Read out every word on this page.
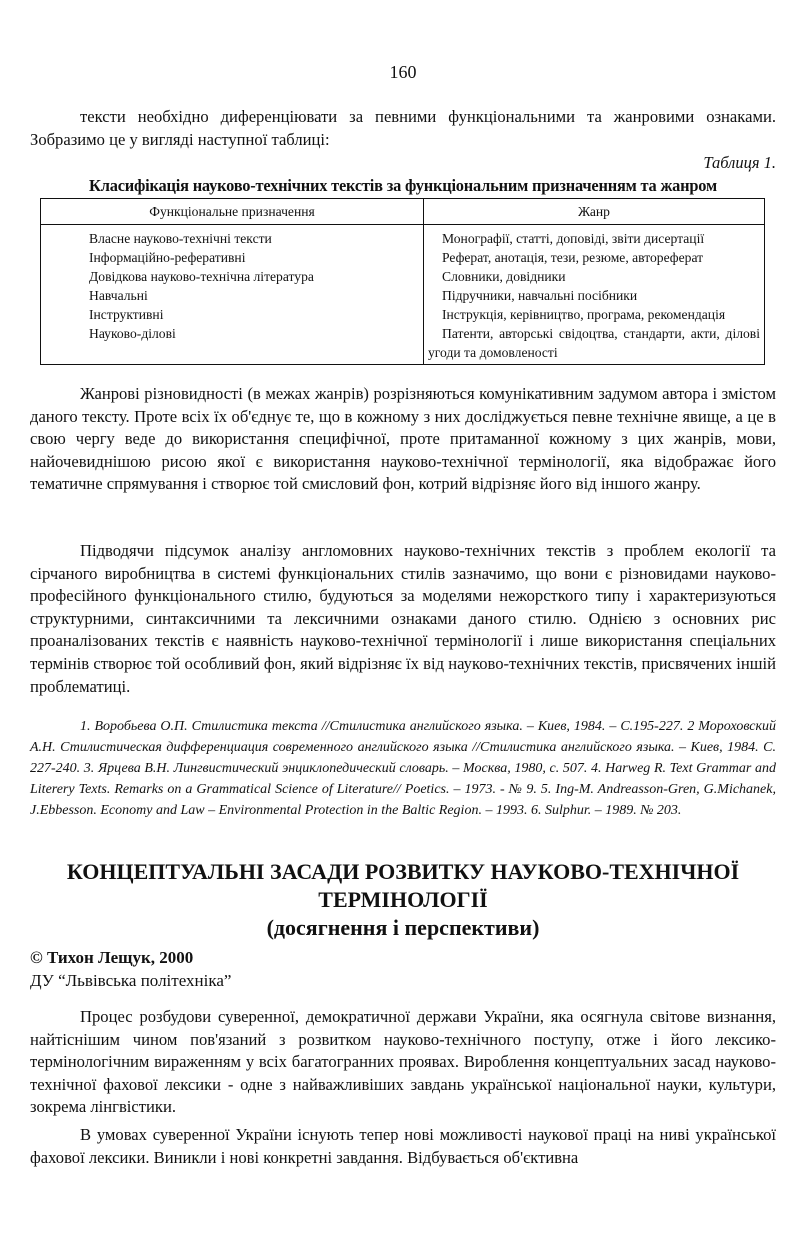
160

тексти необхідно диференціювати за певними функціональними та жанровими ознаками. Зобразимо це у вигляді наступної таблиці:

Таблиця 1.
Класифікація науково-технічних текстів за функціональним призначенням та жанром
Функціональне призначення	Жанр
Власне науково-технічні тексти	Монографії, статті, доповіді, звіти дисертації
Інформаційно-реферативні	Реферат, анотація, тези, резюме, автореферат
Довідкова науково-технічна література	Словники, довідники
Навчальні	Підручники, навчальні посібники
Інструктивні	Інструкція, керівництво, програма, рекомендація
Науково-ділові	Патенти, авторські свідоцтва, стандарти, акти, ділові угоди та домовленості

Жанрові різновидності (в межах жанрів) розрізняються комунікативним задумом автора і змістом даного тексту. Проте всіх їх об'єднує те, що в кожному з них досліджується певне технічне явище, а це в свою чергу веде до використання специфічної, проте притаманної кожному з цих жанрів, мови, найочевиднішою рисою якої є використання науково-технічної термінології, яка відображає його тематичне спрямування і створює той смисловий фон, котрий відрізняє його від іншого жанру.

Підводячи підсумок аналізу англомовних науково-технічних текстів з проблем екології та сірчаного виробництва в системі функціональних стилів зазначимо, що вони є різновидами науково-професійного функціонального стилю, будуються за моделями нежорсткого типу і характеризуються структурними, синтаксичними та лексичними ознаками даного стилю. Однією з основних рис проаналізованих текстів є наявність науково-технічної термінології і лише використання спеціальних термінів створює той особливий фон, який відрізняє їх від науково-технічних текстів, присвячених іншій проблематиці.

1. Воробьева О.П. Стилистика текста //Стилистика английского языка. – Киев, 1984. – С.195-227. 2 Мороховский А.Н. Стилистическая дифференциация современного английского языка //Стилистика английского языка. – Киев, 1984. С. 227-240. 3. Ярцева В.Н. Лингвистический энциклопедический словарь. – Москва, 1980, с. 507. 4. Harweg R. Text Grammar and Literery Texts. Remarks on a Grammatical Science of Literature// Poetics. – 1973. - № 9. 5. Ing-M. Andreasson-Gren, G.Michanek, J.Ebbesson. Economy and Law – Environmental Protection in the Baltic Region. – 1993. 6. Sulphur. – 1989. № 203.

КОНЦЕПТУАЛЬНІ ЗАСАДИ РОЗВИТКУ НАУКОВО-ТЕХНІЧНОЇ
ТЕРМІНОЛОГІЇ
(досягнення і перспективи)
© Тихон Лещук, 2000
ДУ “Львівська політехніка”

Процес розбудови суверенної, демократичної держави України, яка осягнула світове визнання, найтіснішим чином пов'язаний з розвитком науково-технічного поступу, отже і його лексико-термінологічним вираженням у всіх багатогранних проявах. Вироблення концептуальних засад науково-технічної фахової лексики - одне з найважливіших завдань української національної науки, культури, зокрема лінгвістики.

В умовах суверенної України існують тепер нові можливості наукової праці на ниві української фахової лексики. Виникли і нові конкретні завдання. Відбувається об'єктивна
